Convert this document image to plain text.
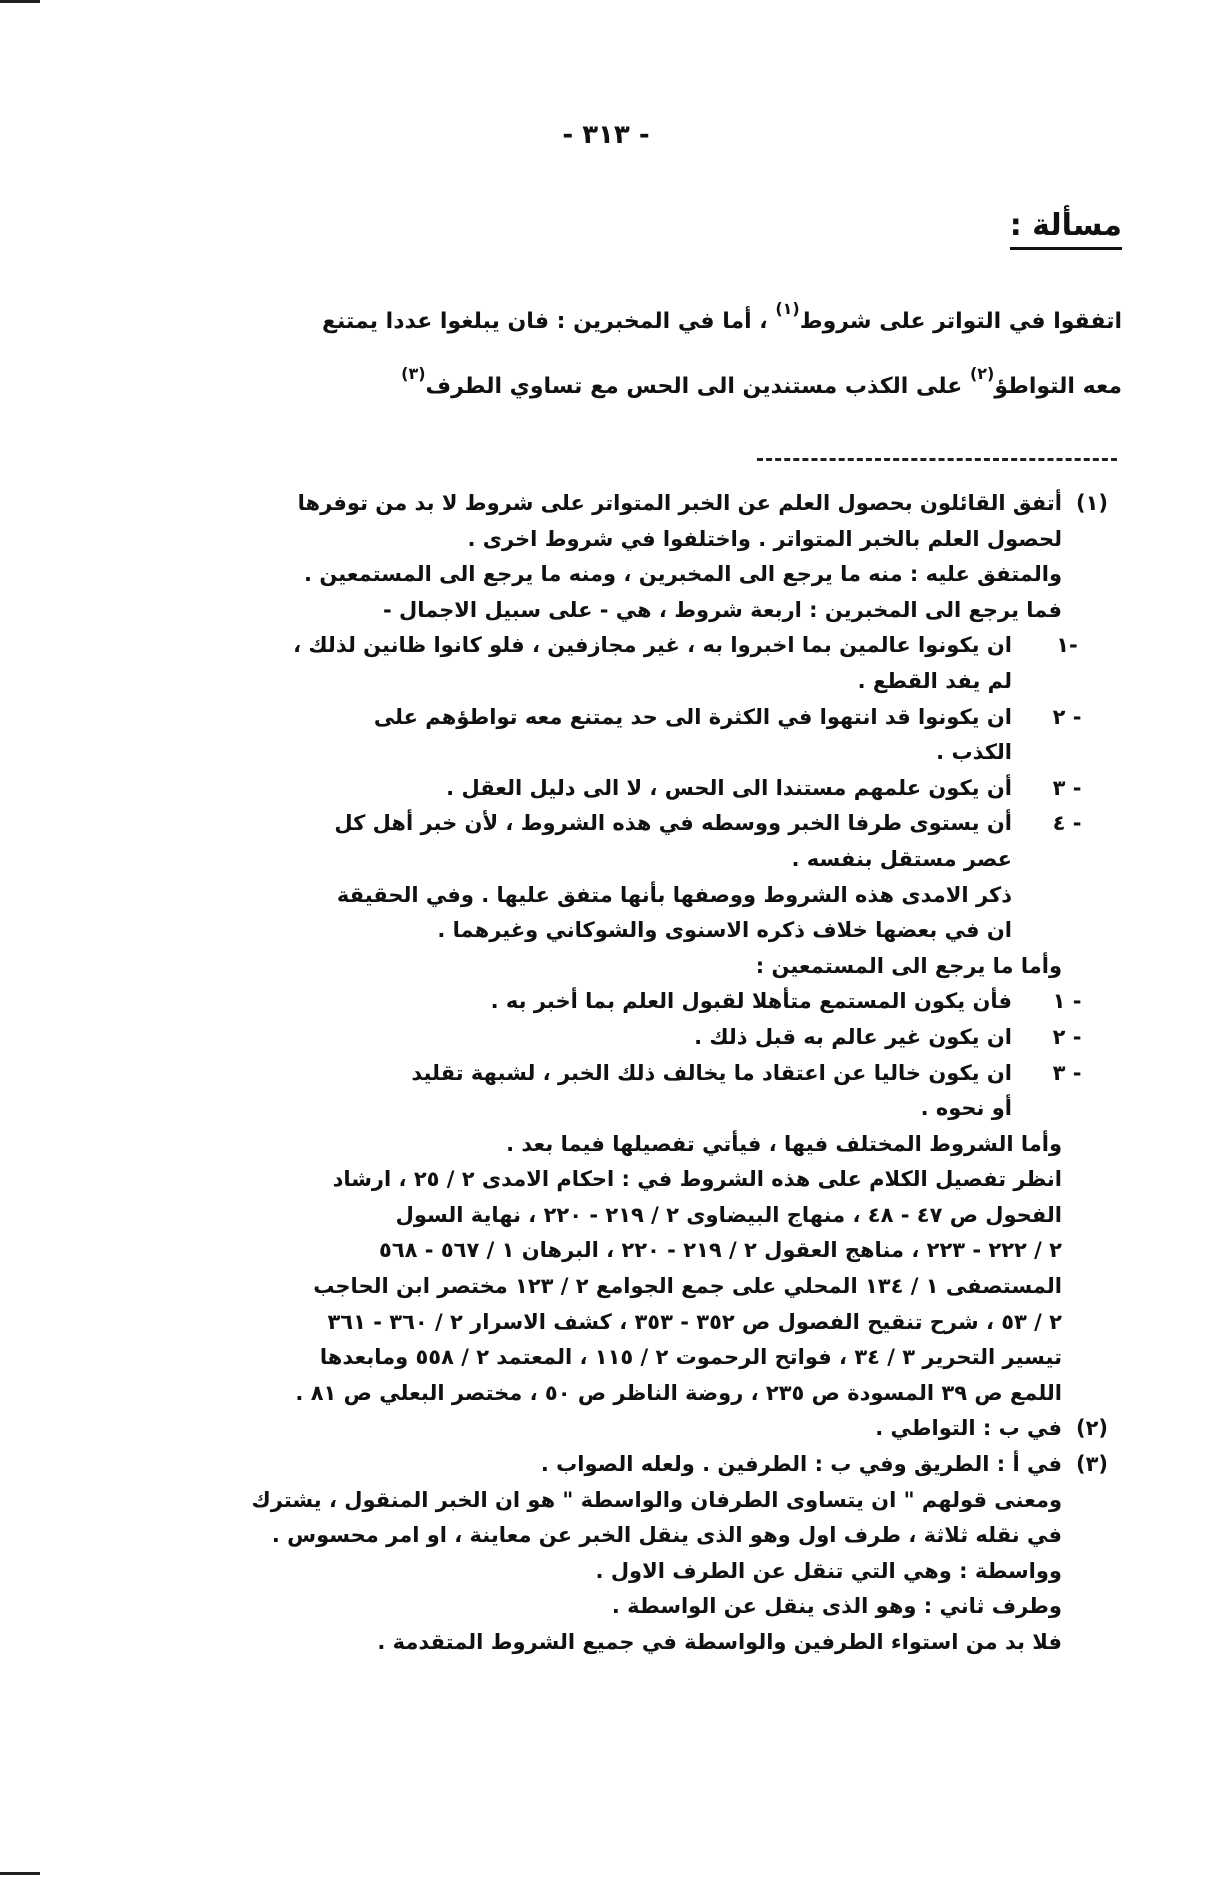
- ٣١٣ -
مسألة :
اتفقوا في التواتر على شروط$^{(١)}$ ، أما في المخبرين : فان يبلغوا عددا يمتنع
معه التواطؤ$^{(٢)}$ على الكذب مستندين الى الحس مع تساوي الطرف$^{(٣)}$
(١)
أتفق القائلون بحصول العلم عن الخبر المتواتر على شروط لا بد من توفرها
لحصول العلم بالخبر المتواتر . واختلفوا في شروط اخرى .
والمتفق عليه : منه ما يرجع الى المخبرين ، ومنه ما يرجع الى المستمعين .
فما يرجع الى المخبرين : اربعة شروط ، هي - على سبيل الاجمال -
١-
ان يكونوا عالمين بما اخبروا به ، غير مجازفين ، فلو كانوا ظانين لذلك ،
لم يفد القطع .
٢ -
ان يكونوا قد انتهوا في الكثرة الى حد يمتنع معه تواطؤهم على
الكذب .
٣ -
أن يكون علمهم مستندا الى الحس ، لا الى دليل العقل .
٤ -
أن يستوى طرفا الخبر ووسطه في هذه الشروط ، لأن خبر أهل كل
عصر مستقل بنفسه .
ذكر الامدى هذه الشروط ووصفها بأنها متفق عليها . وفي الحقيقة
ان في بعضها خلاف ذكره الاسنوى والشوكاني وغيرهما .
وأما ما يرجع الى المستمعين :
١ -
فأن يكون المستمع متأهلا لقبول العلم بما أخبر به .
٢ -
ان يكون غير عالم به قبل ذلك .
٣ -
ان يكون خاليا عن اعتقاد ما يخالف ذلك الخبر ، لشبهة تقليد
أو نحوه .
وأما الشروط المختلف فيها ، فيأتي تفصيلها فيما بعد .
انظر تفصيل الكلام على هذه الشروط في : احكام الامدى ٢ / ٢٥ ، ارشاد
الفحول ص ٤٧ - ٤٨ ، منهاج البيضاوى ٢ / ٢١٩ - ٢٢٠ ، نهاية السول
٢ / ٢٢٢ - ٢٢٣ ، مناهج العقول ٢ / ٢١٩ - ٢٢٠ ، البرهان ١ / ٥٦٧ - ٥٦٨
المستصفى ١ / ١٣٤ المحلي على جمع الجوامع ٢ / ١٢٣ مختصر ابن الحاجب
٢ / ٥٣ ، شرح تنقيح الفصول ص ٣٥٢ - ٣٥٣ ، كشف الاسرار ٢ / ٣٦٠ - ٣٦١
تيسير التحرير ٣ / ٣٤ ، فواتح الرحموت ٢ / ١١٥ ، المعتمد ٢ / ٥٥٨ ومابعدها
اللمع ص ٣٩ المسودة ص ٢٣٥ ، روضة الناظر ص ٥٠ ، مختصر البعلي ص ٨١ .
(٢)
في ب : التواطي .
(٣)
في أ : الطريق وفي ب : الطرفين . ولعله الصواب .
ومعنى قولهم " ان يتساوى الطرفان والواسطة " هو ان الخبر المنقول ، يشترك
في نقله ثلاثة ، طرف اول وهو الذى ينقل الخبر عن معاينة ، او امر محسوس .
وواسطة : وهي التي تنقل عن الطرف الاول .
وطرف ثاني : وهو الذى ينقل عن الواسطة .
فلا بد من استواء الطرفين والواسطة في جميع الشروط المتقدمة .
